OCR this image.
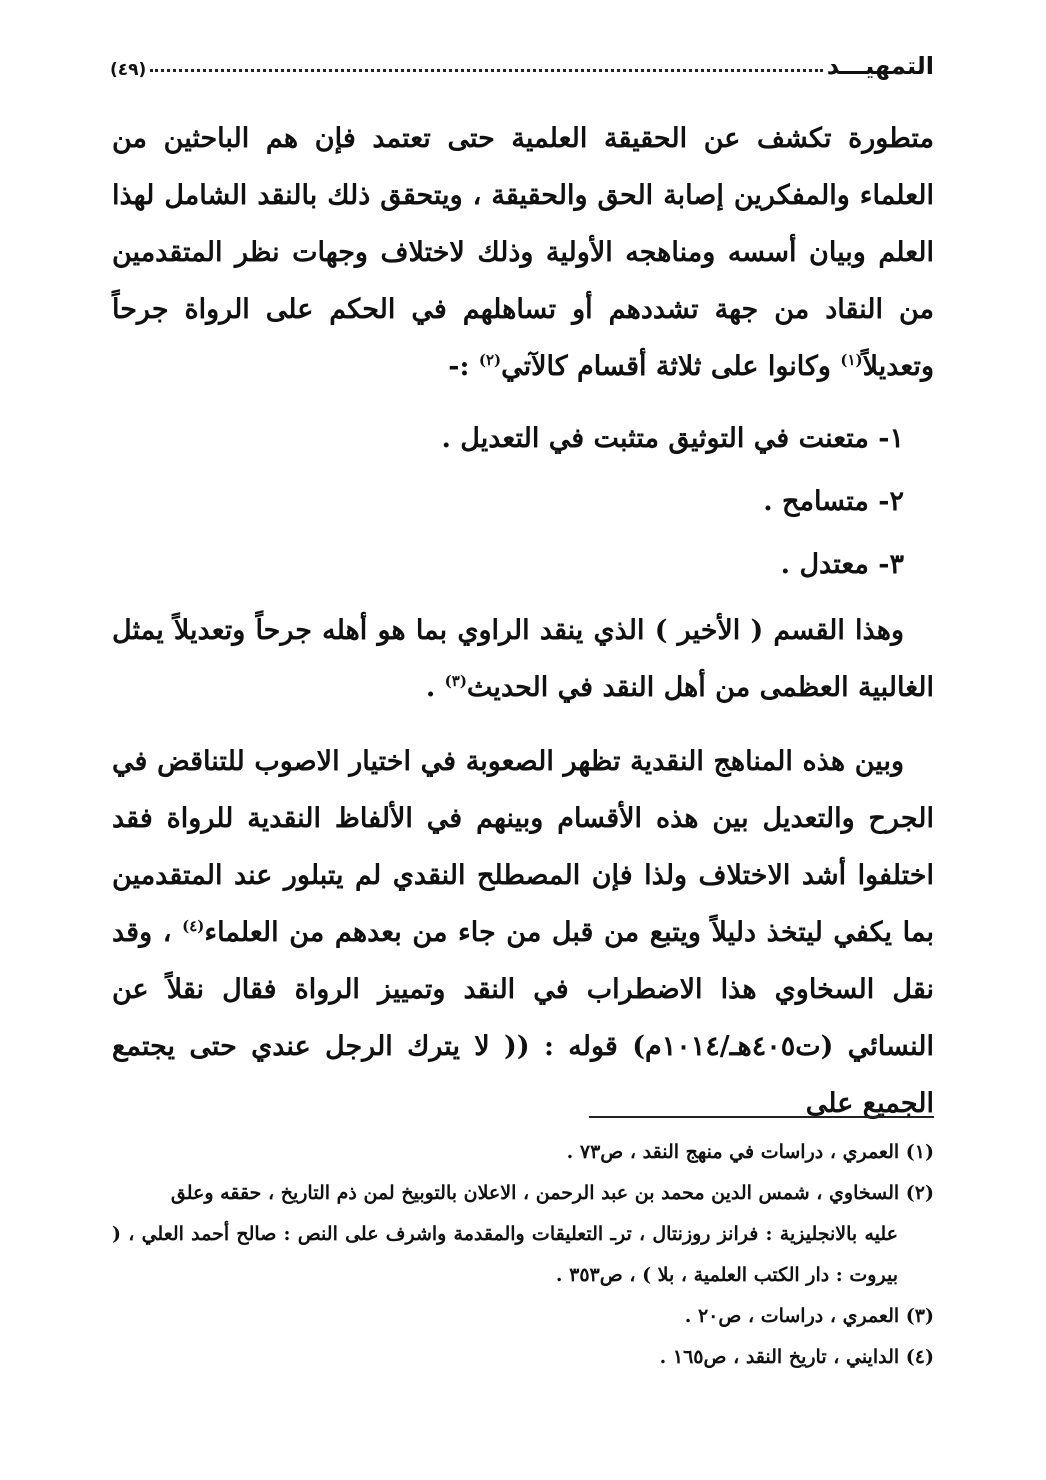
التمهيـــد
(٤٩)

متطورة تكشف عن الحقيقة العلمية حتى تعتمد فإن هم الباحثين من العلماء والمفكرين إصابة الحق والحقيقة ، ويتحقق ذلك بالنقد الشامل لهذا العلم وبيان أسسه ومناهجه الأولية وذلك لاختلاف وجهات نظر المتقدمين من النقاد من جهة تشددهم أو تساهلهم في الحكم على الرواة جرحاً وتعديلاً$^{(١)}$ وكانوا على ثلاثة أقسام كالآتي$^{(٢)}$ :-

١- متعنت في التوثيق متثبت في التعديل .

٢- متسامح .

٣- معتدل .

وهذا القسم ( الأخير ) الذي ينقد الراوي بما هو أهله جرحاً وتعديلاً يمثل الغالبية العظمى من أهل النقد في الحديث$^{(٣)}$ .

وبين هذه المناهج النقدية تظهر الصعوبة في اختيار الاصوب للتناقض في الجرح والتعديل بين هذه الأقسام وبينهم في الألفاظ النقدية للرواة فقد اختلفوا أشد الاختلاف ولذا فإن المصطلح النقدي لم يتبلور عند المتقدمين بما يكفي ليتخذ دليلاً ويتبع من قبل من جاء من بعدهم من العلماء$^{(٤)}$ ، وقد نقل السخاوي هذا الاضطراب في النقد وتمييز الرواة فقال نقلاً عن النسائي (ت٤٠٥هـ/١٠١٤م) قوله : (( لا يترك الرجل عندي حتى يجتمع الجميع على

(١) العمري ، دراسات في منهج النقد ، ص٧٣ .

(٢) السخاوي ، شمس الدين محمد بن عبد الرحمن ، الاعلان بالتوبيخ لمن ذم التاريخ ، حققه وعلق
عليه بالانجليزية : فرانز روزنتال ، ترـ التعليقات والمقدمة واشرف على النص : صالح أحمد العلي ، ( بيروت : دار الكتب العلمية ، بلا ) ، ص٣٥٣ .

(٣) العمري ، دراسات ، ص٢٠ .

(٤) الدايني ، تاريخ النقد ، ص١٦٥ .
